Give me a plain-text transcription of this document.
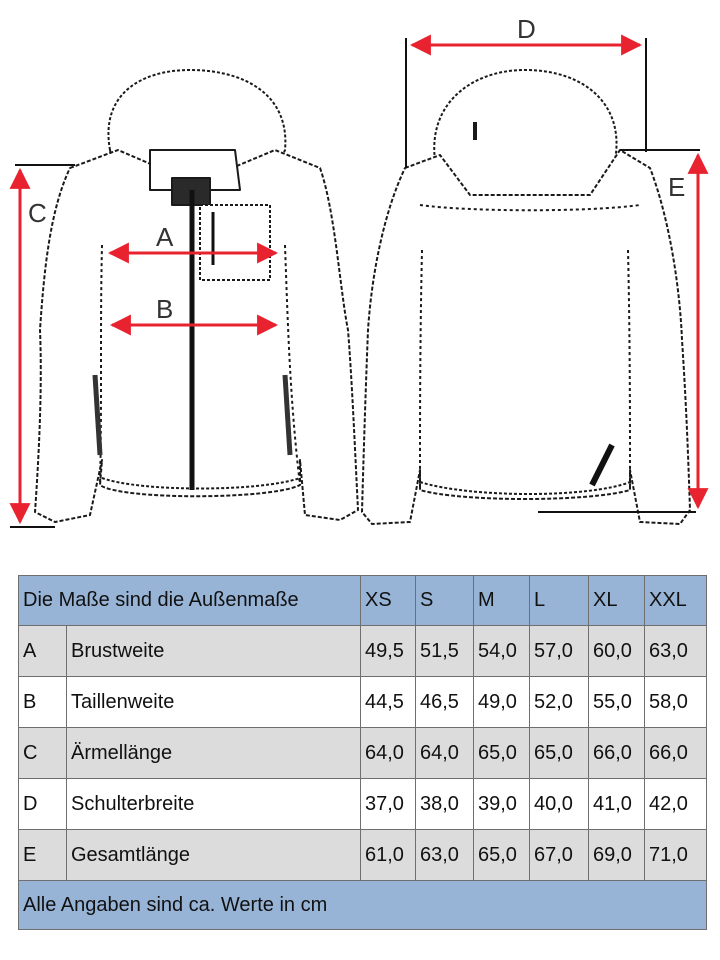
A
B
C
D
E
Die Maße sind die Außenmaße		XS	S	M	L	XL	XXL
A	Brustweite	49,5	51,5	54,0	57,0	60,0	63,0
B	Taillenweite	44,5	46,5	49,0	52,0	55,0	58,0
C	Ärmellänge	64,0	64,0	65,0	65,0	66,0	66,0
D	Schulterbreite	37,0	38,0	39,0	40,0	41,0	42,0
E	Gesamtlänge	61,0	63,0	65,0	67,0	69,0	71,0
Alle Angaben sind ca. Werte in cm							
